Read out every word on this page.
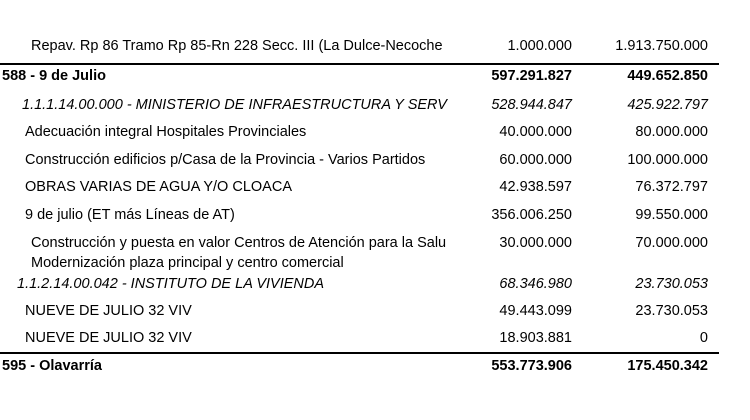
Repav. Rp 86 Tramo Rp 85-Rn 228 Secc. III (La Dulce-Necoche	1.000.000	1.913.750.000
588 - 9 de Julio	597.291.827	449.652.850
1.1.1.14.00.000 - MINISTERIO DE INFRAESTRUCTURA Y SERV	528.944.847	425.922.797
Adecuación integral Hospitales Provinciales	40.000.000	80.000.000
Construcción edificios p/Casa de la Provincia - Varios Partidos	60.000.000	100.000.000
OBRAS VARIAS DE AGUA Y/O CLOACA	42.938.597	76.372.797
9 de julio (ET más Líneas de AT)	356.006.250	99.550.000
Construcción y puesta en valor Centros de Atención para la Salu	30.000.000	70.000.000
Modernización plaza principal y centro comercial
1.1.2.14.00.042 - INSTITUTO DE LA VIVIENDA	68.346.980	23.730.053
NUEVE DE JULIO 32 VIV	49.443.099	23.730.053
NUEVE DE JULIO 32 VIV	18.903.881	0
595 - Olavarría	553.773.906	175.450.342
